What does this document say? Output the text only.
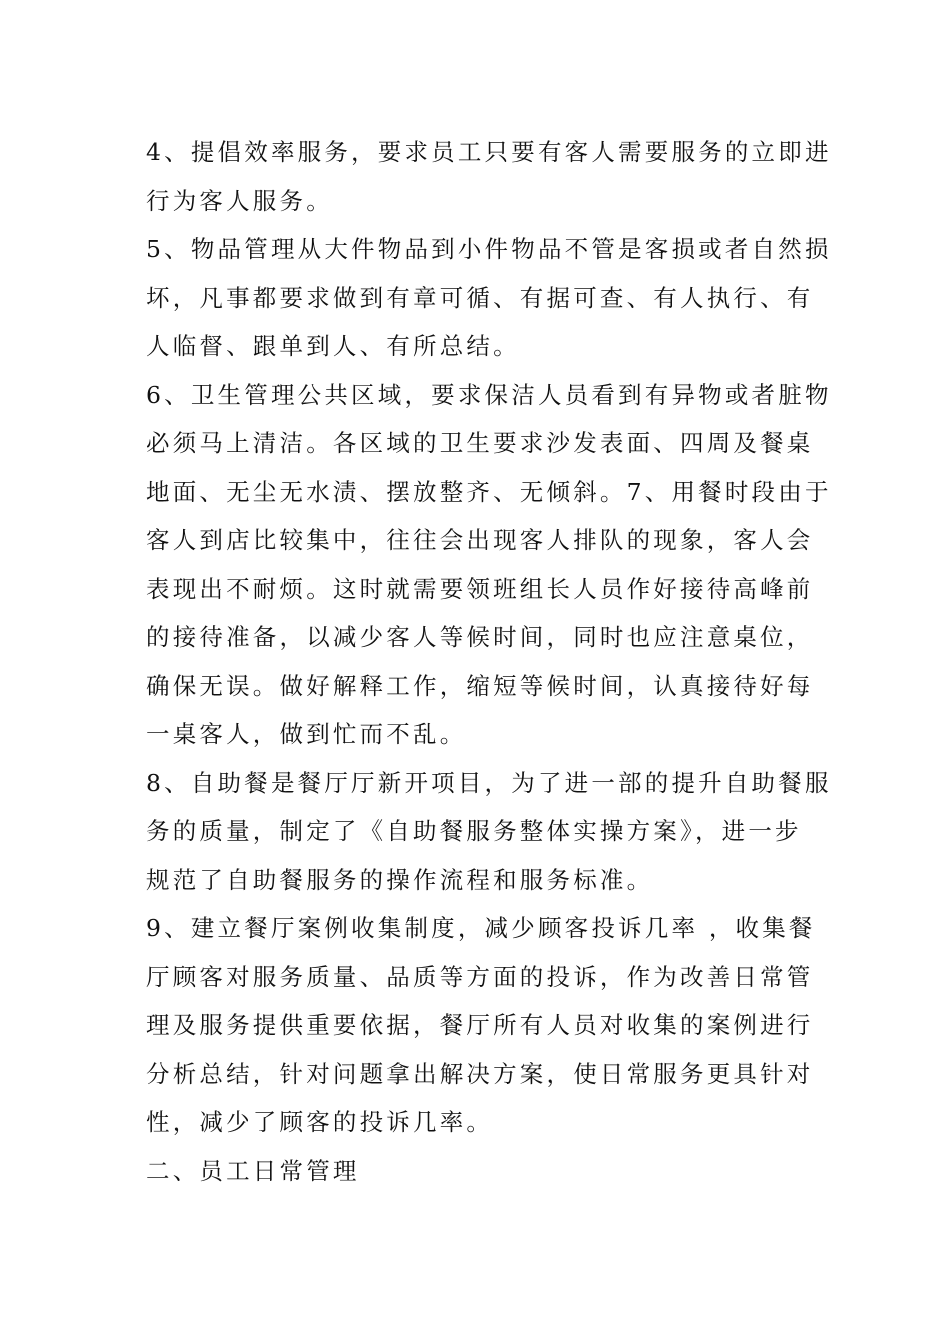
4、提倡效率服务，要求员工只要有客人需要服务的立即进
行为客人服务。
5、物品管理从大件物品到小件物品不管是客损或者自然损
坏，凡事都要求做到有章可循、有据可查、有人执行、有
人临督、跟单到人、有所总结。
6、卫生管理公共区域，要求保洁人员看到有异物或者脏物
必须马上清洁。各区域的卫生要求沙发表面、四周及餐桌
地面、无尘无水渍、摆放整齐、无倾斜。7、用餐时段由于
客人到店比较集中，往往会出现客人排队的现象，客人会
表现出不耐烦。这时就需要领班组长人员作好接待高峰前
的接待准备，以减少客人等候时间，同时也应注意桌位，
确保无误。做好解释工作，缩短等候时间，认真接待好每
一桌客人，做到忙而不乱。
8、自助餐是餐厅厅新开项目，为了进一部的提升自助餐服
务的质量，制定了《自助餐服务整体实操方案》，进一步
规范了自助餐服务的操作流程和服务标准。
9、建立餐厅案例收集制度，减少顾客投诉几率 ，收集餐
厅顾客对服务质量、品质等方面的投诉，作为改善日常管
理及服务提供重要依据，餐厅所有人员对收集的案例进行
分析总结，针对问题拿出解决方案，使日常服务更具针对
性，减少了顾客的投诉几率。
二、员工日常管理
